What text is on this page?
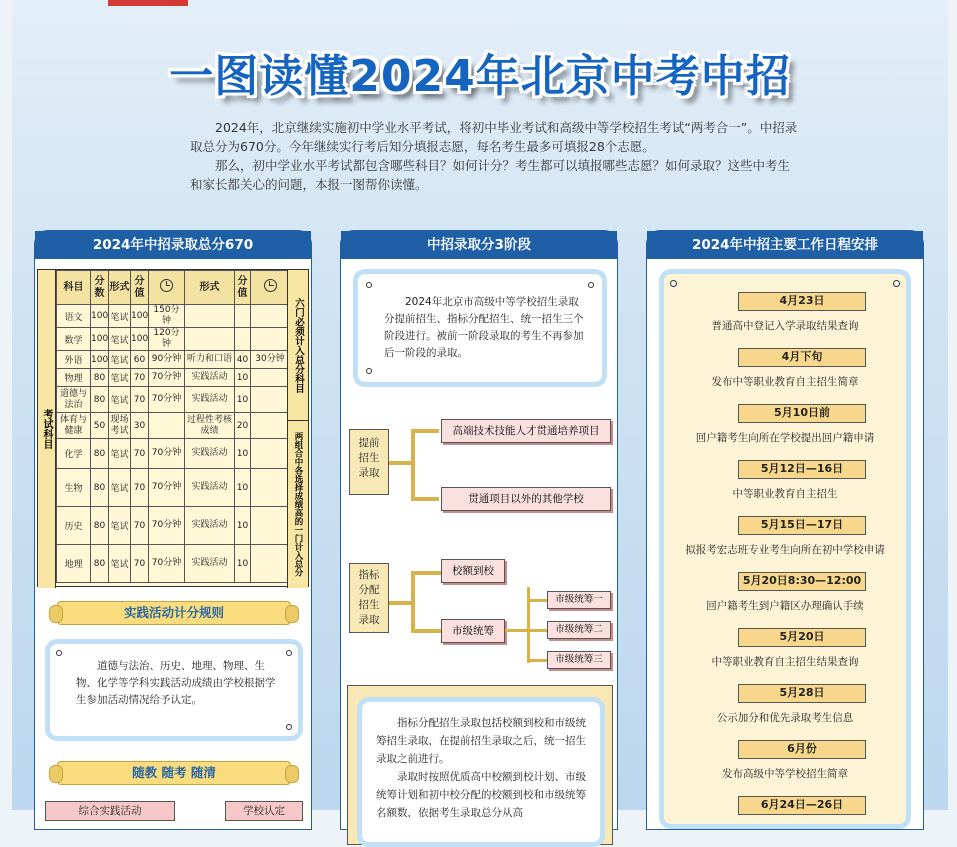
一图读懂2024年北京中考中招

2024年，北京继续实施初中学业水平考试，将初中毕业考试和高级中等学校招生考试“两考合一”。中招录取总分为670分。今年继续实行考后知分填报志愿，每名考生最多可填报28个志愿。

那么，初中学业水平考试都包含哪些科目？如何计分？考生都可以填报哪些志愿？如何录取？这些中考生和家长都关心的问题，本报一图帮你读懂。

2024年中招录取总分670
考试科目
科目	分数	形式	分值		形式	分值	
语文	100	笔试	100	150分钟			
数学	100	笔试	100	120分钟			
外语	100	笔试	60	90分钟	听力和口语	40	30分钟
物理	80	笔试	70	70分钟	实践活动	10	
道德与法治	80	笔试	70	70分钟	实践活动	10	
体育与健康	50	现场考试	30		过程性考核成绩	20	
化学	80	笔试	70	70分钟	实践活动	10	
生物	80	笔试	70	70分钟	实践活动	10	
历史	80	笔试	70	70分钟	实践活动	10	
地理	80	笔试	70	70分钟	实践活动	10	
六门必须计入总分科目
两组合中各选择成绩高的一门计入总分
实践活动计分规则
道德与法治、历史、地理、物理、生物、化学等学科实践活动成绩由学校根据学生参加活动情况给予认定。
随教 随考 随清
综合实践活动	学校认定
中招录取分3阶段
2024年北京市高级中等学校招生录取分提前招生、指标分配招生、统一招生三个阶段进行。被前一阶段录取的考生不再参加后一阶段的录取。
提前招生录取
高端技术技能人才贯通培养项目
贯通项目以外的其他学校
指标分配招生录取
校额到校
市级统筹
市级统筹一
市级统筹二
市级统筹三

指标分配招生录取包括校额到校和市级统筹招生录取，在提前招生录取之后，统一招生录取之前进行。

录取时按照优质高中校额到校计划、市级统筹计划和初中校分配的校额到校和市级统筹名额数，依据考生录取总分从高

2024年中招主要工作日程安排
4月23日
普通高中登记入学录取结果查询
4月下旬
发布中等职业教育自主招生简章
5月10日前
回户籍考生向所在学校提出回户籍申请
5月12日—16日
中等职业教育自主招生
5月15日—17日
拟报考宏志班专业考生向所在初中学校申请
5月20日8:30—12:00
回户籍考生到户籍区办理确认手续
5月20日
中等职业教育自主招生结果查询
5月28日
公示加分和优先录取考生信息
6月份
发布高级中等学校招生简章
6月24日—26日
